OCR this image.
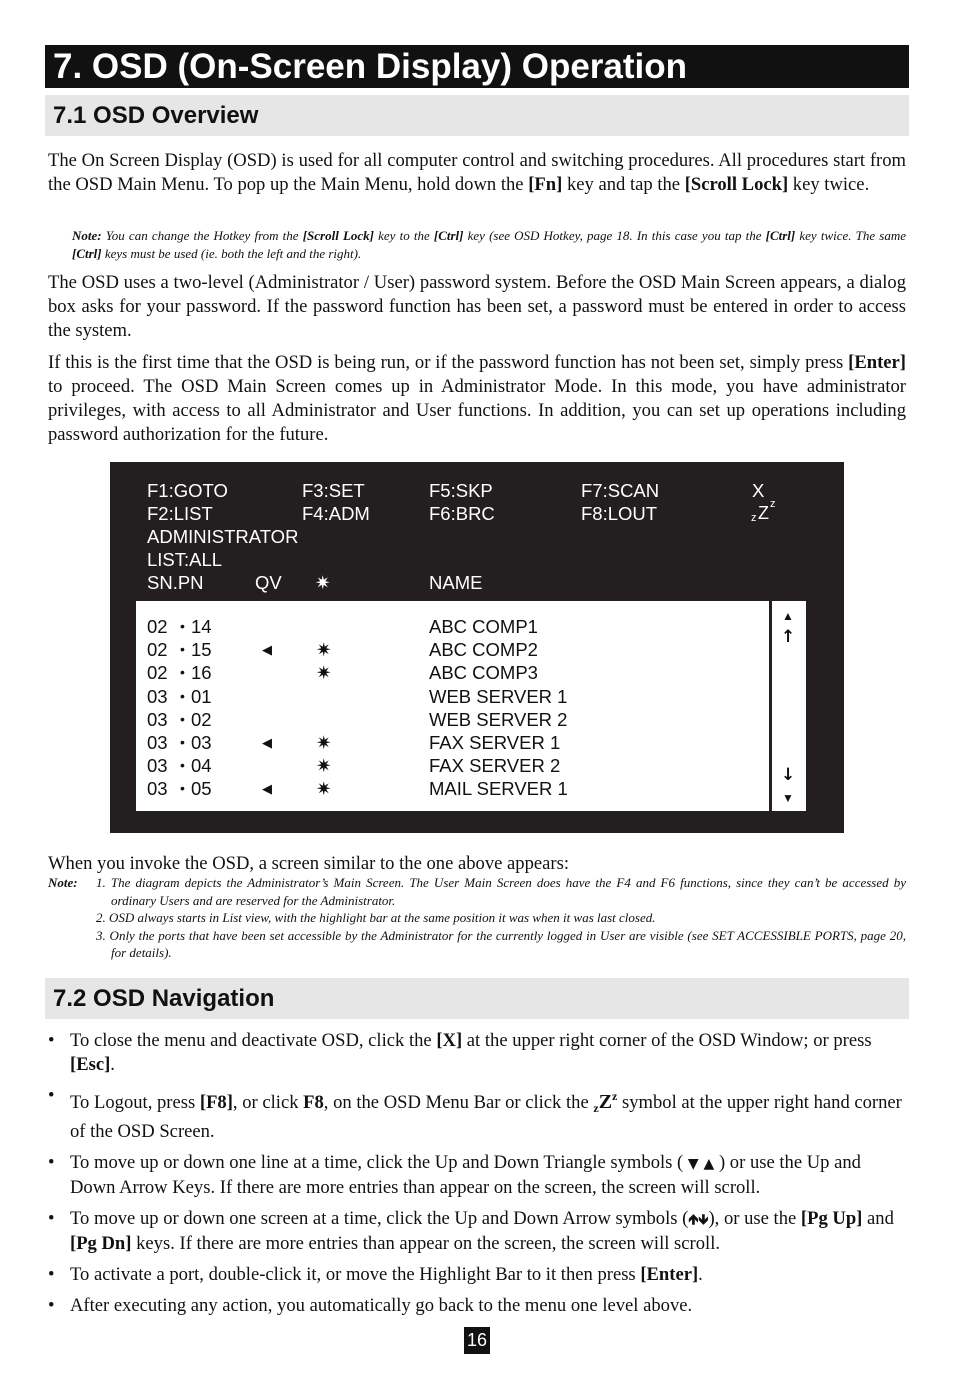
7. OSD (On-Screen Display) Operation
7.1 OSD Overview
The On Screen Display (OSD) is used for all computer control and switching procedures. All procedures start from the OSD Main Menu. To pop up the Main Menu, hold down the [Fn] key and tap the [Scroll Lock] key twice.
Note: You can change the Hotkey from the [Scroll Lock] key to the [Ctrl] key (see OSD Hotkey, page 18. In this case you tap the [Ctrl] key twice. The same [Ctrl] keys must be used (ie. both the left and the right).
The OSD uses a two-level (Administrator / User) password system. Before the OSD Main Screen appears, a dialog box asks for your password. If the password function has been set, a password must be entered in order to access the system.
If this is the first time that the OSD is being run, or if the password function has not been set, simply press [Enter] to proceed. The OSD Main Screen comes up in Administrator Mode. In this mode, you have administrator privileges, with access to all Administrator and User functions. In addition, you can set up operations including password authorization for the future.
F1:GOTO	F3:SET	F5:SKP	F7:SCAN	X
F2:LIST	F4:ADM	F6:BRC	F8:LOUT	z Z z
ADMINISTRATOR
LIST:ALL
SN.PN	QV ✷	NAME
02 • 14	ABC COMP1
02 • 15	◀ ✷	ABC COMP2
02 • 16	✷	ABC COMP3
03 • 01	WEB SERVER 1
03 • 02	WEB SERVER 2
03 • 03	◀ ✷	FAX SERVER 1
03 • 04	✷	FAX SERVER 2
03 • 05	◀ ✷	MAIL SERVER 1
▲
↑
↓
▼
When you invoke the OSD, a screen similar to the one above appears:
Note: 1. The diagram depicts the Administrator’s Main Screen. The User Main Screen does have the F4 and F6 functions, since they can’t be accessed by ordinary Users and are reserved for the Administrator.
2. OSD always starts in List view, with the highlight bar at the same position it was when it was last closed.
3. Only the ports that have been set accessible by the Administrator for the currently logged in User are visible (see SET ACCESSIBLE PORTS, page 20, for details).
7.2 OSD Navigation
• To close the menu and deactivate OSD, click the [X] at the upper right corner of the OSD Window; or press [Esc].
• To Logout, press [F8], or click F8, on the OSD Menu Bar or click the $_zZ^z$ symbol at the upper right hand corner of the OSD Screen.
• To move up or down one line at a time, click the Up and Down Triangle symbols ( ▼ ▲ ) or use the Up and Down Arrow Keys. If there are more entries than appear on the screen, the screen will scroll.
• To move up or down one screen at a time, click the Up and Down Arrow symbols (🡹🡻), or use the [Pg Up] and [Pg Dn] keys. If there are more entries than appear on the screen, the screen will scroll.
• To activate a port, double-click it, or move the Highlight Bar to it then press [Enter].
• After executing any action, you automatically go back to the menu one level above.
16
